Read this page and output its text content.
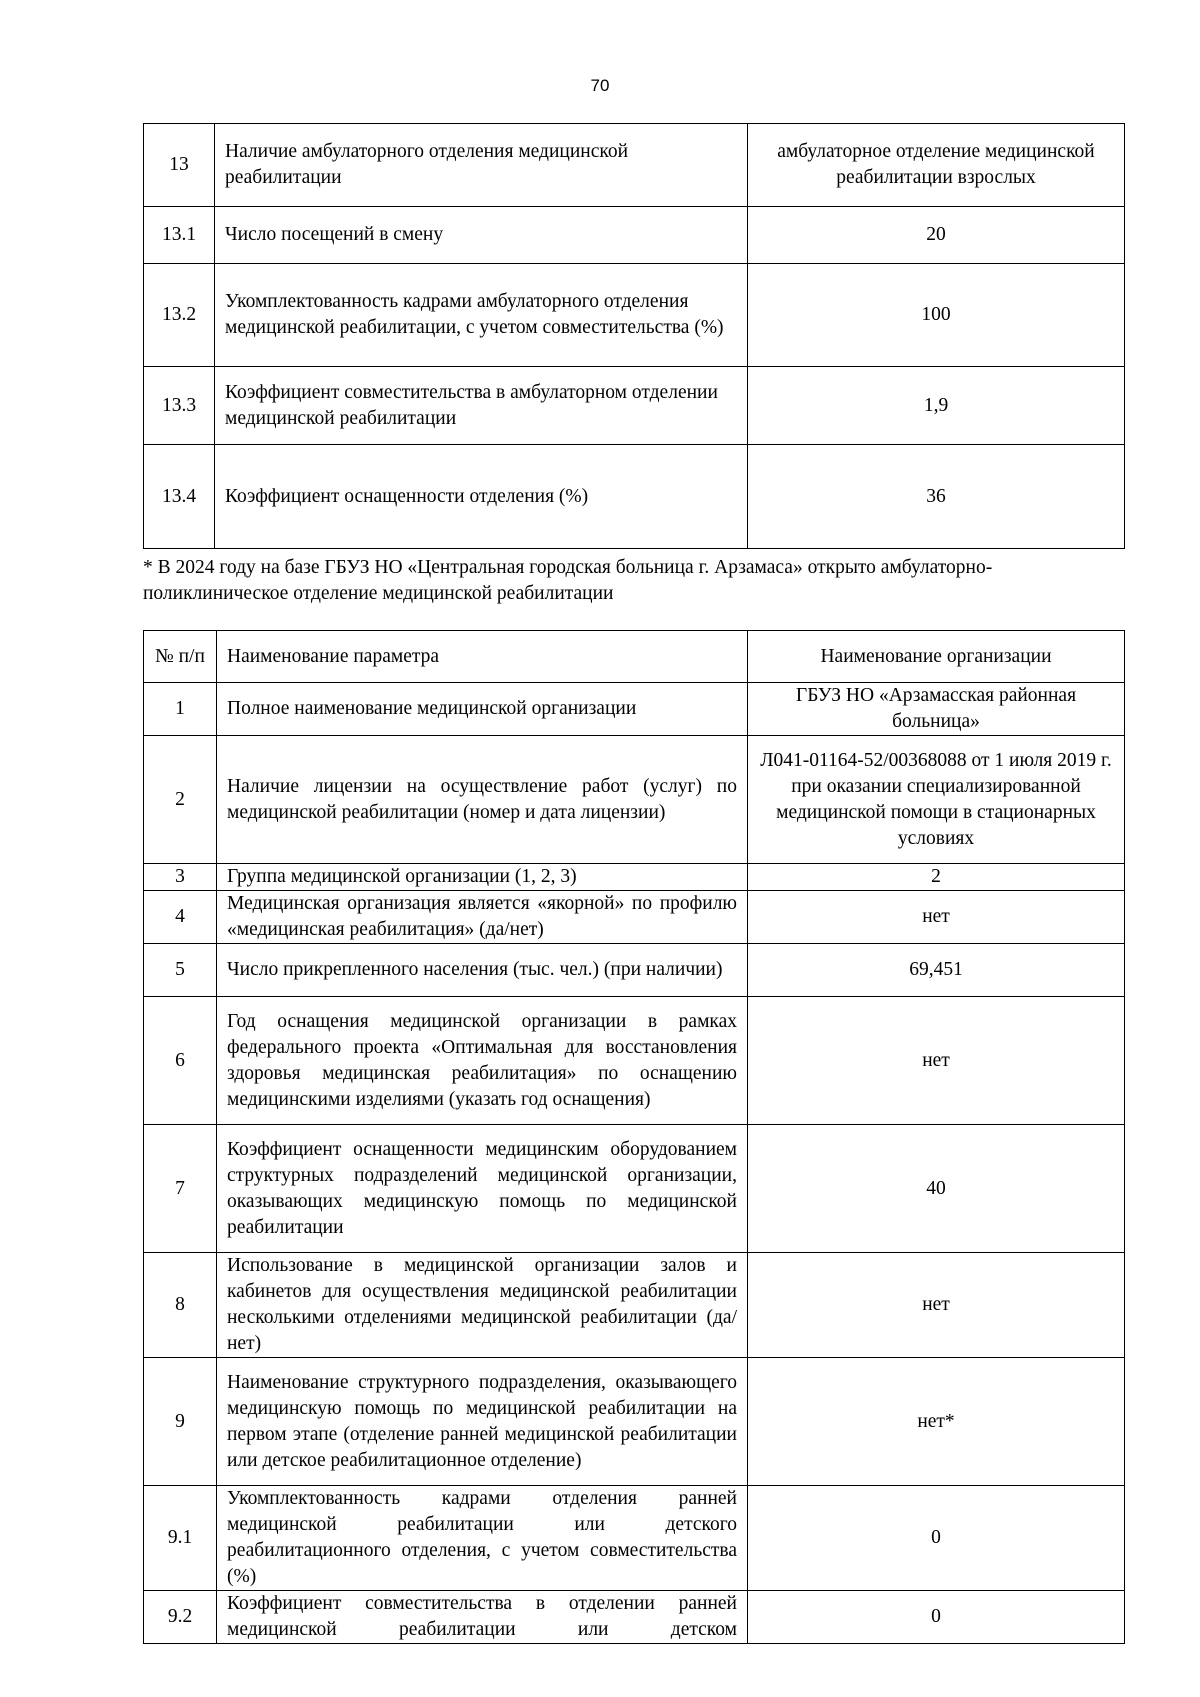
70
13	Наличие амбулаторного отделения медицинской реабилитации	амбулаторное отделение медицинской реабилитации взрослых
13.1	Число посещений в смену	20
13.2	Укомплектованность кадрами амбулаторного отделения медицинской реабилитации, с учетом совместительства (%)	100
13.3	Коэффициент совместительства в амбулаторном отделении медицинской реабилитации	1,9
13.4	Коэффициент оснащенности отделения (%)	36
* В 2024 году на базе ГБУЗ НО «Центральная городская больница г. Арзамаса» открыто амбулаторно-поликлиническое отделение медицинской реабилитации
№ п/п	Наименование параметра	Наименование организации
1	Полное наименование медицинской организации	ГБУЗ НО «Арзамасская районная больница»
2	Наличие лицензии на осуществление работ (услуг) по медицинской реабилитации (номер и дата лицензии)	Л041-01164-52/00368088 от 1 июля 2019 г. при оказании специализированной медицинской помощи в стационарных условиях
3	Группа медицинской организации (1, 2, 3)	2
4	Медицинская организация является «якорной» по профилю «медицинская реабилитация» (да/нет)	нет
5	Число прикрепленного населения (тыс. чел.) (при наличии)	69,451
6	Год оснащения медицинской организации в рамках федерального проекта «Оптимальная для восстановления здоровья медицинская реабилитация» по оснащению медицинскими изделиями (указать год оснащения)	нет
7	Коэффициент оснащенности медицинским оборудованием структурных подразделений медицинской организации, оказывающих медицинскую помощь по медицинской реабилитации	40
8	Использование в медицинской организации залов и кабинетов для осуществления медицинской реабилитации несколькими отделениями медицинской реабилитации (да/нет)	нет
9	Наименование структурного подразделения, оказывающего медицинскую помощь по медицинской реабилитации на первом этапе (отделение ранней медицинской реабилитации или детское реабилитационное отделение)	нет*
9.1	Укомплектованность кадрами отделения ранней медицинской реабилитации или детского реабилитационного отделения, с учетом совместительства (%)	0
9.2	Коэффициент совместительства в отделении ранней медицинской реабилитации или детском	0
